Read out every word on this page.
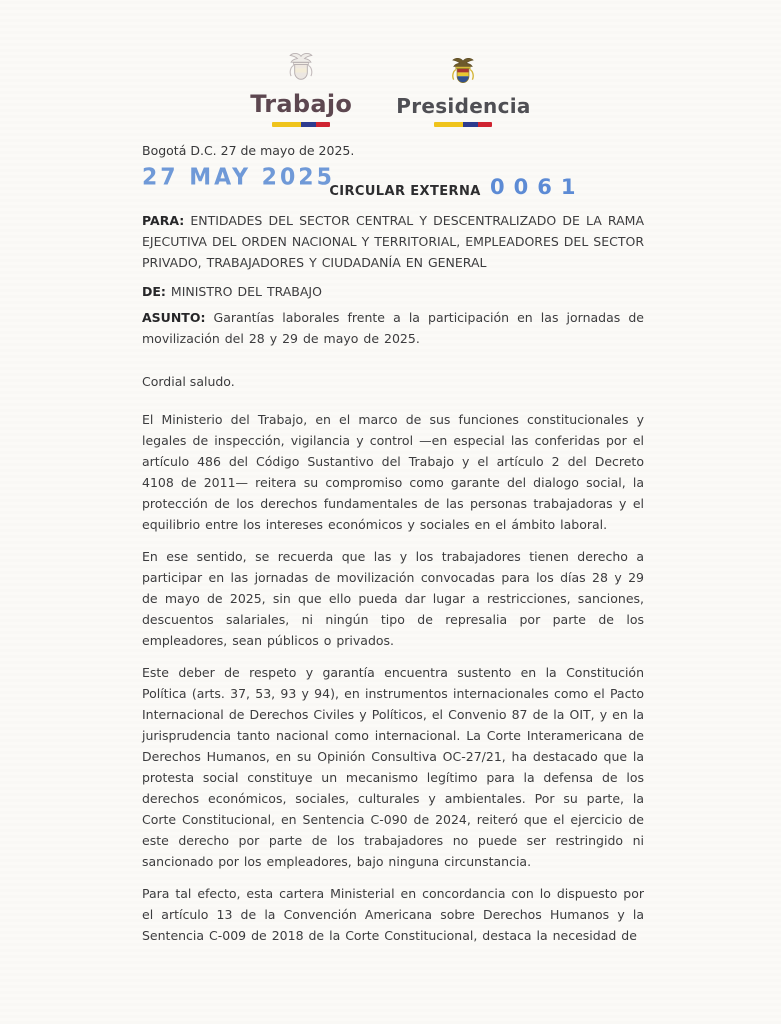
Trabajo Presidencia

Bogotá D.C. 27 de mayo de 2025.

27 MAY 2025
CIRCULAR EXTERNA 0061

PARA: ENTIDADES DEL SECTOR CENTRAL Y DESCENTRALIZADO DE LA RAMA EJECUTIVA DEL ORDEN NACIONAL Y TERRITORIAL, EMPLEADORES DEL SECTOR PRIVADO, TRABAJADORES Y CIUDADANÍA EN GENERAL

DE: MINISTRO DEL TRABAJO

ASUNTO: Garantías laborales frente a la participación en las jornadas de movilización del 28 y 29 de mayo de 2025.

Cordial saludo.

El Ministerio del Trabajo, en el marco de sus funciones constitucionales y legales de inspección, vigilancia y control —en especial las conferidas por el artículo 486 del Código Sustantivo del Trabajo y el artículo 2 del Decreto 4108 de 2011— reitera su compromiso como garante del dialogo social, la protección de los derechos fundamentales de las personas trabajadoras y el equilibrio entre los intereses económicos y sociales en el ámbito laboral.

En ese sentido, se recuerda que las y los trabajadores tienen derecho a participar en las jornadas de movilización convocadas para los días 28 y 29 de mayo de 2025, sin que ello pueda dar lugar a restricciones, sanciones, descuentos salariales, ni ningún tipo de represalia por parte de los empleadores, sean públicos o privados.

Este deber de respeto y garantía encuentra sustento en la Constitución Política (arts. 37, 53, 93 y 94), en instrumentos internacionales como el Pacto Internacional de Derechos Civiles y Políticos, el Convenio 87 de la OIT, y en la jurisprudencia tanto nacional como internacional. La Corte Interamericana de Derechos Humanos, en su Opinión Consultiva OC-27/21, ha destacado que la protesta social constituye un mecanismo legítimo para la defensa de los derechos económicos, sociales, culturales y ambientales. Por su parte, la Corte Constitucional, en Sentencia C-090 de 2024, reiteró que el ejercicio de este derecho por parte de los trabajadores no puede ser restringido ni sancionado por los empleadores, bajo ninguna circunstancia.

Para tal efecto, esta cartera Ministerial en concordancia con lo dispuesto por el artículo 13 de la Convención Americana sobre Derechos Humanos y la Sentencia C-009 de 2018 de la Corte Constitucional, destaca la necesidad de
